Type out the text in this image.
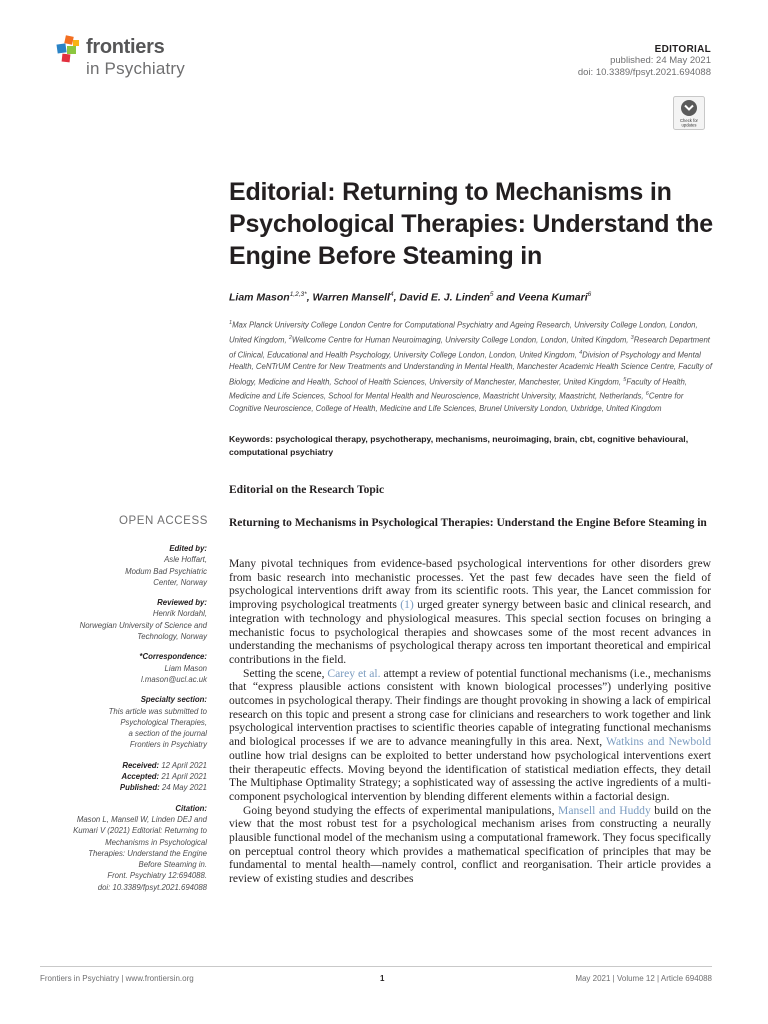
frontiers
in Psychiatry
EDITORIAL
published: 24 May 2021
doi: 10.3389/fpsyt.2021.694088
Check for
updates
Editorial: Returning to Mechanisms in Psychological Therapies: Understand the Engine Before Steaming in
Liam Mason$^{1,2,3*}$, Warren Mansell$^4$, David E. J. Linden$^5$ and Veena Kumari$^6$
$^1$Max Planck University College London Centre for Computational Psychiatry and Ageing Research, University College London, London, United Kingdom, $^2$Wellcome Centre for Human Neuroimaging, University College London, London, United Kingdom, $^3$Research Department of Clinical, Educational and Health Psychology, University College London, London, United Kingdom, $^4$Division of Psychology and Mental Health, CeNTrUM Centre for New Treatments and Understanding in Mental Health, Manchester Academic Health Science Centre, Faculty of Biology, Medicine and Health, School of Health Sciences, University of Manchester, Manchester, United Kingdom, $^5$Faculty of Health, Medicine and Life Sciences, School for Mental Health and Neuroscience, Maastricht University, Maastricht, Netherlands, $^6$Centre for Cognitive Neuroscience, College of Health, Medicine and Life Sciences, Brunel University London, Uxbridge, United Kingdom
Keywords: psychological therapy, psychotherapy, mechanisms, neuroimaging, brain, cbt, cognitive behavioural, computational psychiatry
Editorial on the Research Topic
OPEN ACCESS
Edited by:
Asle Hoffart,
Modum Bad Psychiatric
Center, Norway
Reviewed by:
Henrik Nordahl,
Norwegian University of Science and
Technology, Norway
*Correspondence:
Liam Mason
l.mason@ucl.ac.uk
Specialty section:
This article was submitted to
Psychological Therapies,
a section of the journal
Frontiers in Psychiatry
Received: 12 April 2021
Accepted: 21 April 2021
Published: 24 May 2021
Citation:
Mason L, Mansell W, Linden DEJ and
Kumari V (2021) Editorial: Returning to
Mechanisms in Psychological
Therapies: Understand the Engine
Before Steaming in.
Front. Psychiatry 12:694088.
doi: 10.3389/fpsyt.2021.694088
Returning to Mechanisms in Psychological Therapies: Understand the Engine Before Steaming in

Many pivotal techniques from evidence-based psychological interventions for other disorders grew from basic research into mechanistic processes. Yet the past few decades have seen the field of psychological interventions drift away from its scientific roots. This year, the Lancet commission for improving psychological treatments (1) urged greater synergy between basic and clinical research, and integration with technology and physiological measures. This special section focuses on bringing a mechanistic focus to psychological therapies and showcases some of the most recent advances in understanding the mechanisms of psychological therapy across ten important theoretical and empirical contributions in the field.

Setting the scene, Carey et al. attempt a review of potential functional mechanisms (i.e., mechanisms that “express plausible actions consistent with known biological processes”) underlying positive outcomes in psychological therapy. Their findings are thought provoking in showing a lack of empirical research on this topic and present a strong case for clinicians and researchers to work together and link psychological intervention practises to scientific theories capable of integrating functional mechanisms and biological processes if we are to advance meaningfully in this area. Next, Watkins and Newbold outline how trial designs can be exploited to better understand how psychological interventions exert their therapeutic effects. Moving beyond the identification of statistical mediation effects, they detail The Multiphase Optimality Strategy; a sophisticated way of assessing the active ingredients of a multi-component psychological intervention by blending different elements within a factorial design.

Going beyond studying the effects of experimental manipulations, Mansell and Huddy build on the view that the most robust test for a psychological mechanism arises from constructing a neurally plausible functional model of the mechanism using a computational framework. They focus specifically on perceptual control theory which provides a mathematical specification of principles that may be fundamental to mental health—namely control, conflict and reorganisation. Their article provides a review of existing studies and describes

Frontiers in Psychiatry | www.frontiersin.org	1	May 2021 | Volume 12 | Article 694088
